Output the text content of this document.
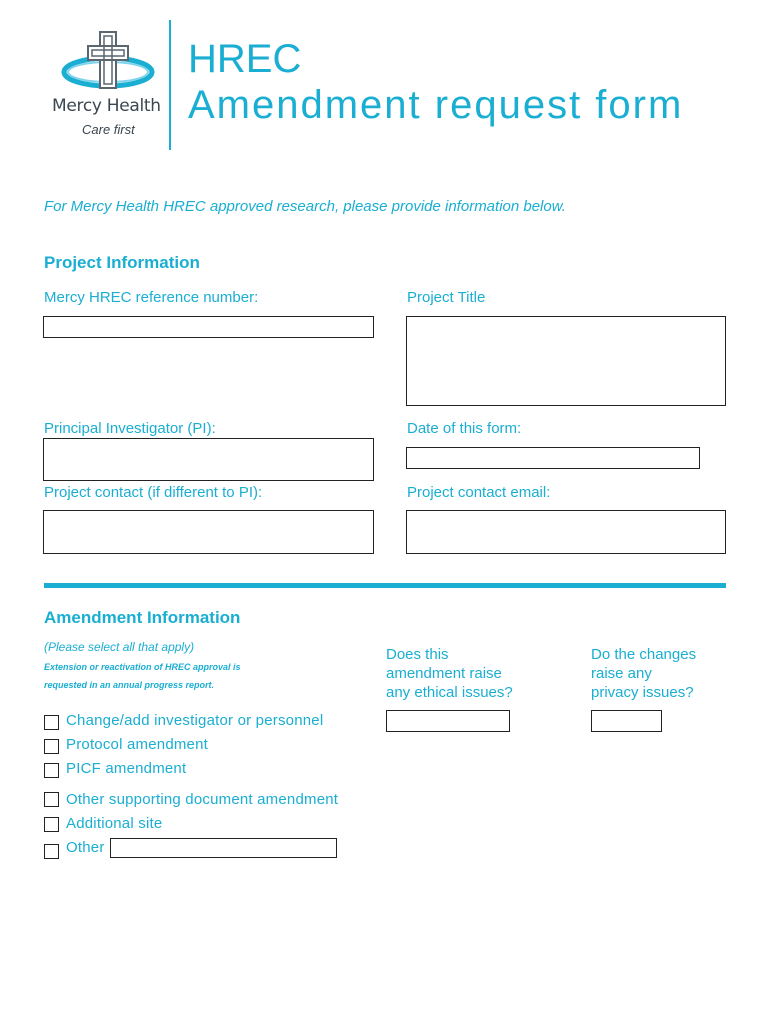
Mercy Health
Care first
HREC
Amendment request form
For Mercy Health HREC approved research, please provide information below.
Project Information
Mercy HREC reference number:	Project Title
Principal Investigator (PI):	Date of this form:
Project contact (if different to PI):	Project contact email:
Amendment Information
(Please select all that apply)
Extension or reactivation of HREC approval is
requested in an annual progress report.
Change/add investigator or personnel
Protocol amendment
PICF amendment
Other supporting document amendment
Additional site
Other
Does this
amendment raise
any ethical issues?
Do the changes
raise any
privacy issues?
